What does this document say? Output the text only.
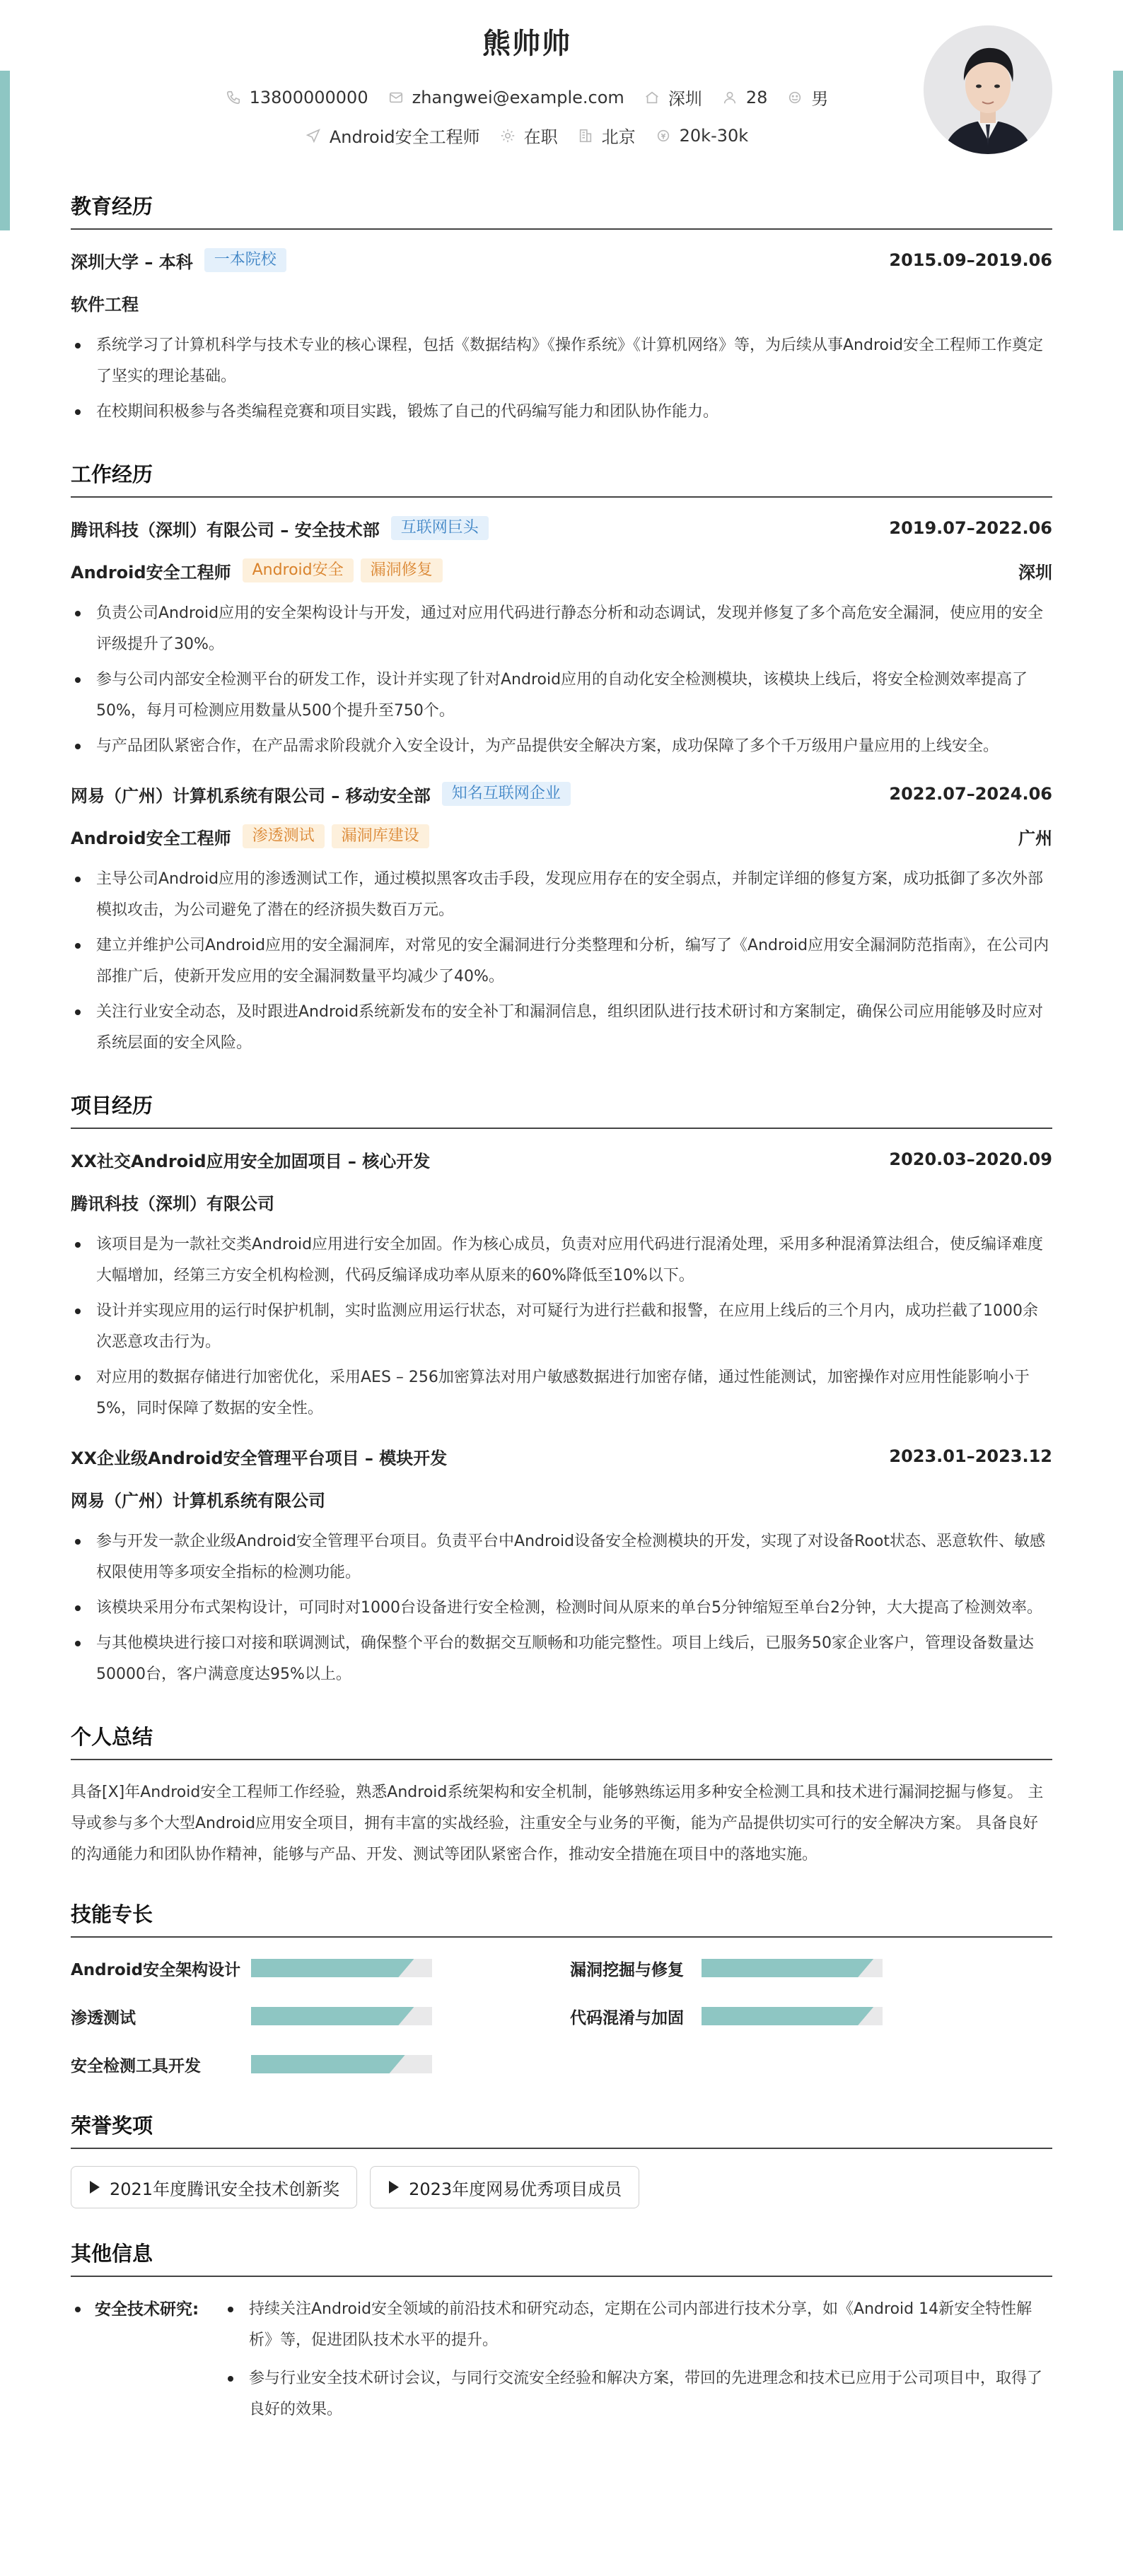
熊帅帅
13800000000	zhangwei@example.com	深圳	28	男
Android安全工程师	在职	北京	20k-30k
教育经历
深圳大学 – 本科	一本院校	2015.09–2019.06
软件工程
系统学习了计算机科学与技术专业的核心课程，包括《数据结构》《操作系统》《计算机网络》等，为后续从事Android安全工程师工作奠定了坚实的理论基础。
在校期间积极参与各类编程竞赛和项目实践，锻炼了自己的代码编写能力和团队协作能力。
工作经历
腾讯科技（深圳）有限公司 – 安全技术部	互联网巨头	2019.07–2022.06
Android安全工程师	Android安全	漏洞修复	深圳
负责公司Android应用的安全架构设计与开发，通过对应用代码进行静态分析和动态调试，发现并修复了多个高危安全漏洞，使应用的安全评级提升了30%。
参与公司内部安全检测平台的研发工作，设计并实现了针对Android应用的自动化安全检测模块，该模块上线后，将安全检测效率提高了50%，每月可检测应用数量从500个提升至750个。
与产品团队紧密合作，在产品需求阶段就介入安全设计，为产品提供安全解决方案，成功保障了多个千万级用户量应用的上线安全。
网易（广州）计算机系统有限公司 – 移动安全部	知名互联网企业	2022.07–2024.06
Android安全工程师	渗透测试	漏洞库建设	广州
主导公司Android应用的渗透测试工作，通过模拟黑客攻击手段，发现应用存在的安全弱点，并制定详细的修复方案，成功抵御了多次外部模拟攻击，为公司避免了潜在的经济损失数百万元。
建立并维护公司Android应用的安全漏洞库，对常见的安全漏洞进行分类整理和分析，编写了《Android应用安全漏洞防范指南》，在公司内部推广后，使新开发应用的安全漏洞数量平均减少了40%。
关注行业安全动态，及时跟进Android系统新发布的安全补丁和漏洞信息，组织团队进行技术研讨和方案制定，确保公司应用能够及时应对系统层面的安全风险。
项目经历
XX社交Android应用安全加固项目 – 核心开发	2020.03–2020.09
腾讯科技（深圳）有限公司
该项目是为一款社交类Android应用进行安全加固。作为核心成员，负责对应用代码进行混淆处理，采用多种混淆算法组合，使反编译难度大幅增加，经第三方安全机构检测，代码反编译成功率从原来的60%降低至10%以下。
设计并实现应用的运行时保护机制，实时监测应用运行状态，对可疑行为进行拦截和报警，在应用上线后的三个月内，成功拦截了1000余次恶意攻击行为。
对应用的数据存储进行加密优化，采用AES – 256加密算法对用户敏感数据进行加密存储，通过性能测试，加密操作对应用性能影响小于5%，同时保障了数据的安全性。
XX企业级Android安全管理平台项目 – 模块开发	2023.01–2023.12
网易（广州）计算机系统有限公司
参与开发一款企业级Android安全管理平台项目。负责平台中Android设备安全检测模块的开发，实现了对设备Root状态、恶意软件、敏感权限使用等多项安全指标的检测功能。
该模块采用分布式架构设计，可同时对1000台设备进行安全检测，检测时间从原来的单台5分钟缩短至单台2分钟，大大提高了检测效率。
与其他模块进行接口对接和联调测试，确保整个平台的数据交互顺畅和功能完整性。项目上线后，已服务50家企业客户，管理设备数量达50000台，客户满意度达95%以上。
个人总结

具备[X]年Android安全工程师工作经验，熟悉Android系统架构和安全机制，能够熟练运用多种安全检测工具和技术进行漏洞挖掘与修复。 主导或参与多个大型Android应用安全项目，拥有丰富的实战经验，注重安全与业务的平衡，能为产品提供切实可行的安全解决方案。 具备良好的沟通能力和团队协作精神，能够与产品、开发、测试等团队紧密合作，推动安全措施在项目中的落地实施。

技能专长
Android安全架构设计	漏洞挖掘与修复
渗透测试	代码混淆与加固
安全检测工具开发
荣誉奖项
2021年度腾讯安全技术创新奖	2023年度网易优秀项目成员
其他信息
安全技术研究:	持续关注Android安全领域的前沿技术和研究动态，定期在公司内部进行技术分享，如《Android 14新安全特性解析》等，促进团队技术水平的提升。
参与行业安全技术研讨会议，与同行交流安全经验和解决方案，带回的先进理念和技术已应用于公司项目中，取得了良好的效果。
